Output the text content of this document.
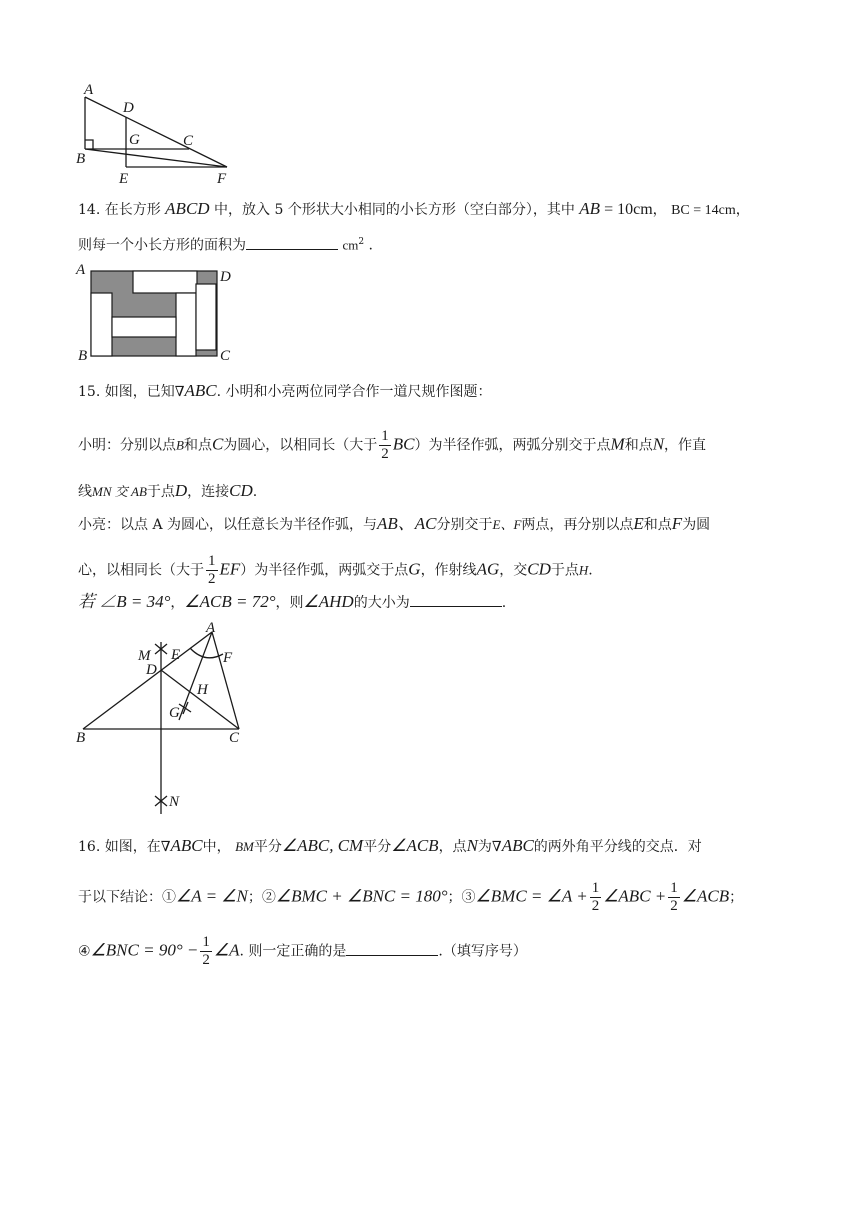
A
D
G	C
B
E	F
14. 在长方形 ABCD 中，放入 5 个形状大小相同的小长方形（空白部分），其中 AB = 10cm， BC = 14cm，
则每一个小长方形的面积为	$cm^2$ .
A	D
B	C
15. 如图，已知∇ABC. 小明和小亮两位同学合作一道尺规作图题：
小明：分别以点B和点C为圆心，以相同长（大于 $\frac{1}{2} BC$）为半径作弧，两弧分别交于点M和点N，作直
线MN 交 AB于点D，连接CD.
小亮：以点 A 为圆心，以任意长为半径作弧，与AB、AC分别交于E、F两点，再分别以点E和点F为圆
心，以相同长（大于 $\frac{1}{2} EF$）为半径作弧，两弧交于点G，作射线AG，交CD于点H.
若 ∠B = 34°，∠ACB = 72°，则∠AHD的大小为	.
A
M E	F
D
H
G
B	C
N
16. 如图，在∇ABC中， BM平分∠ABC, CM平分∠ACB，点N为∇ABC的两外角平分线的交点．对
于以下结论：①∠A = ∠N；②∠BMC + ∠BNC = 180°；③∠BMC = ∠A + $\frac{1}{2}$ ∠ABC + $\frac{1}{2}$ ∠ACB；
④∠BNC = $90^\circ - \frac{1}{2}$ ∠A. 则一定正确的是	.（填写序号）
